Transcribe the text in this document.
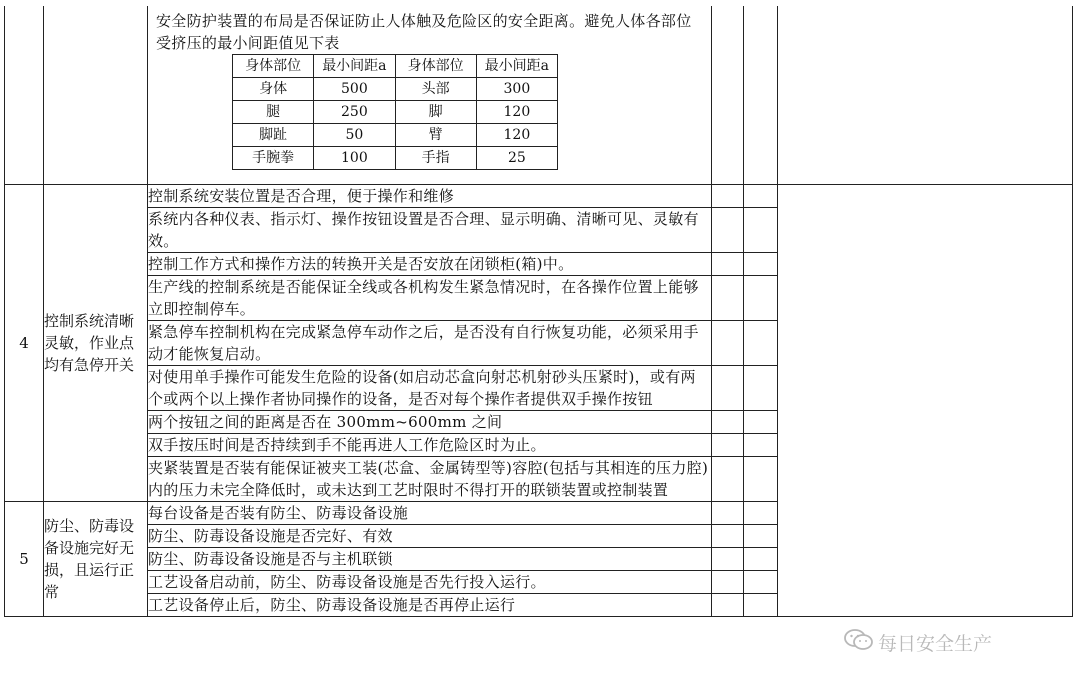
安全防护装置的布局是否保证防止人体触及危险区的安全距离。避免人体各部位受挤压的最小间距值见下表
身体部位	最小间距a	身体部位	最小间距a
身体	500	头部	300
腿	250	脚	120
脚趾	50	臂	120
手腕拳	100	手指	25

4	控制系统清晰灵敏，作业点均有急停开关	控制系统安装位置是否合理，便于操作和维修			
系统内各种仪表、指示灯、操作按钮设置是否合理、显示明确、清晰可见、灵敏有效。		
控制工作方式和操作方法的转换开关是否安放在闭锁柜(箱)中。		
生产线的控制系统是否能保证全线或各机构发生紧急情况时，在各操作位置上能够立即控制停车。		
紧急停车控制机构在完成紧急停车动作之后，是否没有自行恢复功能，必须采用手动才能恢复启动。		
对使用单手操作可能发生危险的设备(如启动芯盒向射芯机射砂头压紧时)，或有两个或两个以上操作者协同操作的设备，是否对每个操作者提供双手操作按钮		
两个按钮之间的距离是否在 300mm~600mm 之间		
双手按压时间是否持续到手不能再进人工作危险区时为止。		
夹紧装置是否装有能保证被夹工装(芯盒、金属铸型等)容腔(包括与其相连的压力腔)内的压力未完全降低时，或未达到工艺时限时不得打开的联锁装置或控制装置		
5	防尘、防毒设备设施完好无损，且运行正常	每台设备是否装有防尘、防毒设备设施		
防尘、防毒设备设施是否完好、有效		
防尘、防毒设备设施是否与主机联锁		
工艺设备启动前，防尘、防毒设备设施是否先行投入运行。		
工艺设备停止后，防尘、防毒设备设施是否再停止运行		
每日安全生产
